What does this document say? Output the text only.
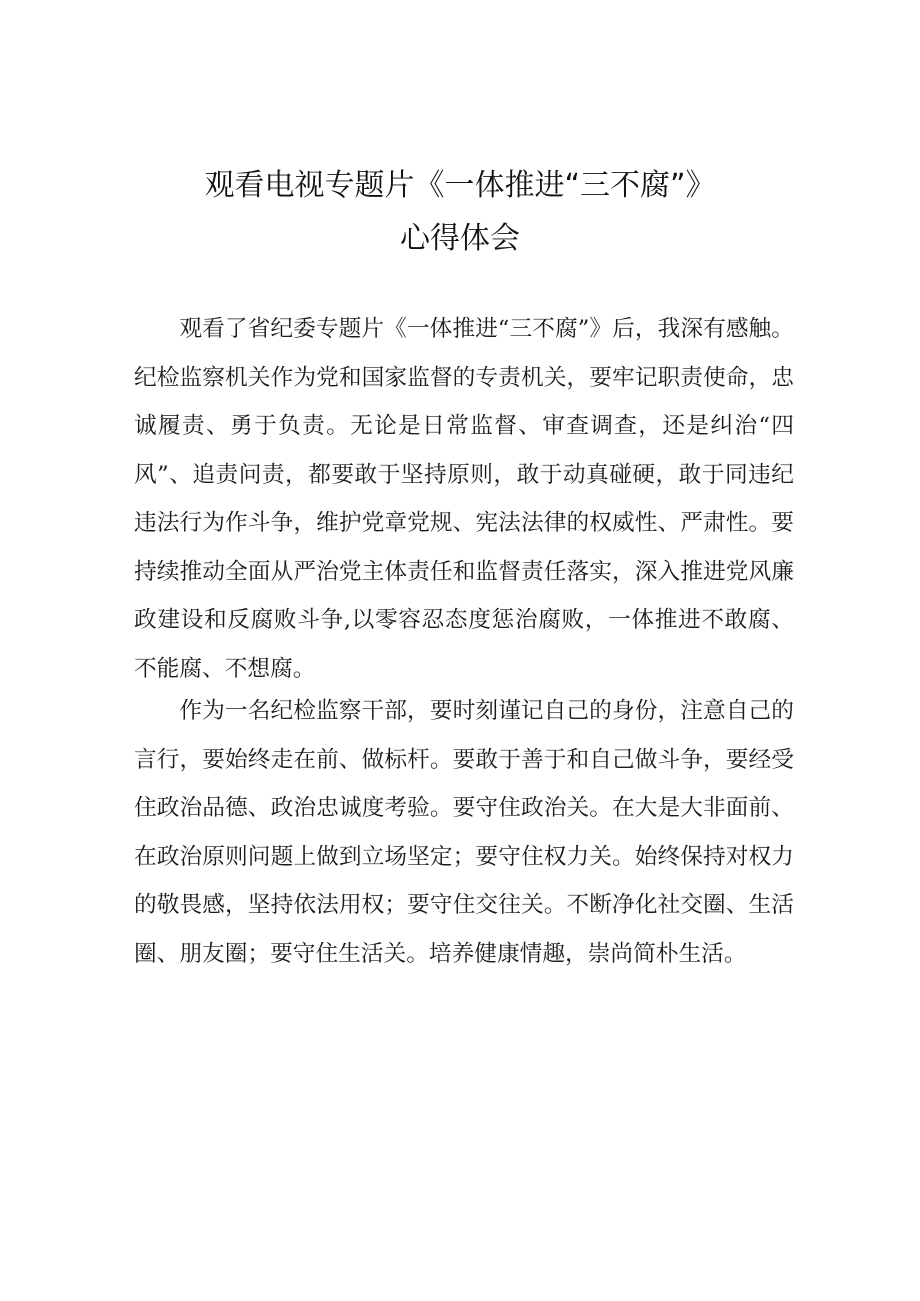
观看电视专题片《一体推进“三不腐”》
心得体会

观看了省纪委专题片《一体推进“三不腐”》后，我深有感触。纪检监察机关作为党和国家监督的专责机关，要牢记职责使命，忠诚履责、勇于负责。无论是日常监督、审查调查，还是纠治“四风”、追责问责，都要敢于坚持原则，敢于动真碰硬，敢于同违纪违法行为作斗争，维护党章党规、宪法法律的权威性、严肃性。要持续推动全面从严治党主体责任和监督责任落实，深入推进党风廉政建设和反腐败斗争,以零容忍态度惩治腐败，一体推进不敢腐、不能腐、不想腐。

作为一名纪检监察干部，要时刻谨记自己的身份，注意自己的言行，要始终走在前、做标杆。要敢于善于和自己做斗争，要经受住政治品德、政治忠诚度考验。要守住政治关。在大是大非面前、在政治原则问题上做到立场坚定；要守住权力关。始终保持对权力的敬畏感，坚持依法用权；要守住交往关。不断净化社交圈、生活圈、朋友圈；要守住生活关。培养健康情趣，崇尚简朴生活。
